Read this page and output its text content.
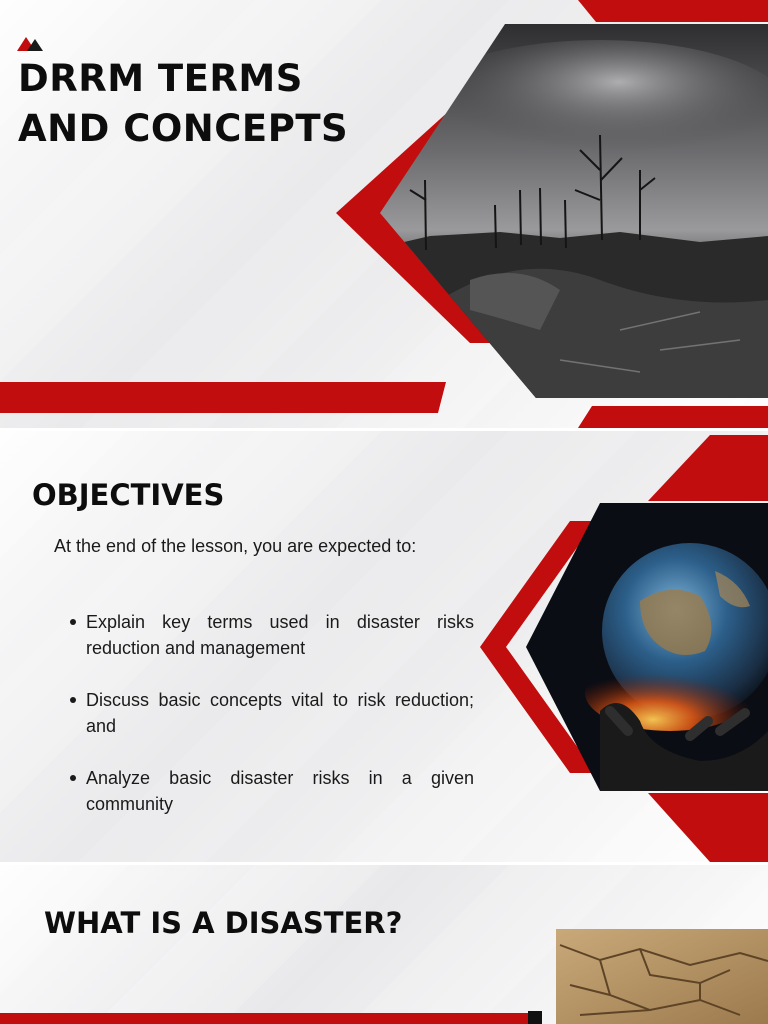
DRRM TERMS
AND CONCEPTS
OBJECTIVES

At the end of the lesson, you are expected to:

Explain key terms used in disaster risks reduction and management
Discuss basic concepts vital to risk reduction; and
Analyze basic disaster risks in a given community
WHAT IS A DISASTER?
